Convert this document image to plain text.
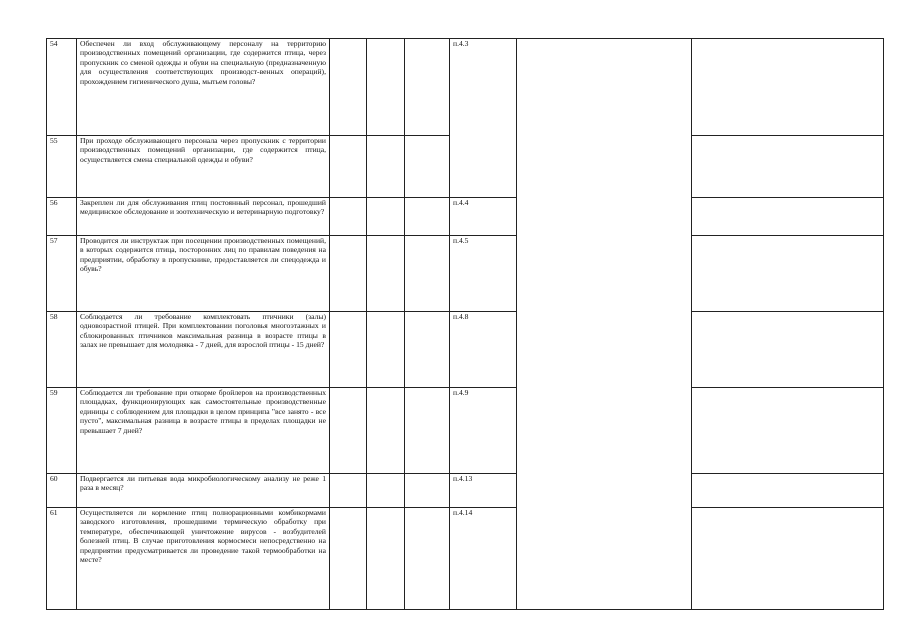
54	Обеспечен ли вход обслуживающему персоналу на территорию производственных помещений организации, где содержится птица, через пропускник со сменой одежды и обуви на специальную (предназначенную для осуществления соответствующих производст-венных операций), прохождением гигиенического душа, мытьем головы?				п.4.3		
55	При проходе обслуживающего персонала через пропускник с территории производственных помещений организации, где содержится птица, осуществляется смена специальной одежды и обуви?						
56	Закреплен ли для обслуживания птиц постоянный персонал, прошедший медицинское обследование и зоотехническую и ветеринарную подготовку?				п.4.4		
57	Проводится ли инструктаж при посещении производственных помещений, в которых содержится птица, посторонних лиц по правилам поведения на предприятии, обработку в пропускнике, предоставляется ли спецодежда и обувь?				п.4.5		
58	Соблюдается ли требование комплектовать птичники (залы) одновозрастной птицей. При комплектовании поголовья многоэтажных и сблокированных птичников максимальная разница в возрасте птицы в залах не превышает для молодняка - 7 дней, для взрослой птицы - 15 дней?				п.4.8		
59	Соблюдается ли требование при откорме бройлеров на производственных площадках, функционирующих как самостоятельные производственные единицы с соблюдением для площадки в целом принципа "все занято - все пусто", максимальная разница в возрасте птицы в пределах площадки не превышает 7 дней?				п.4.9		
60	Подвергается ли питьевая вода микробиологическому анализу не реже 1 раза в месяц?				п.4.13		
61	Осуществляется ли кормление птиц полнорационными комбикормами заводского изготовления, прошедшими термическую обработку при температуре, обеспечивающей уничтожение вирусов - возбудителей болезней птиц. В случае приготовления кормосмеси непосредственно на предприятии предусматривается ли проведение такой термообработки на месте?				п.4.14		
